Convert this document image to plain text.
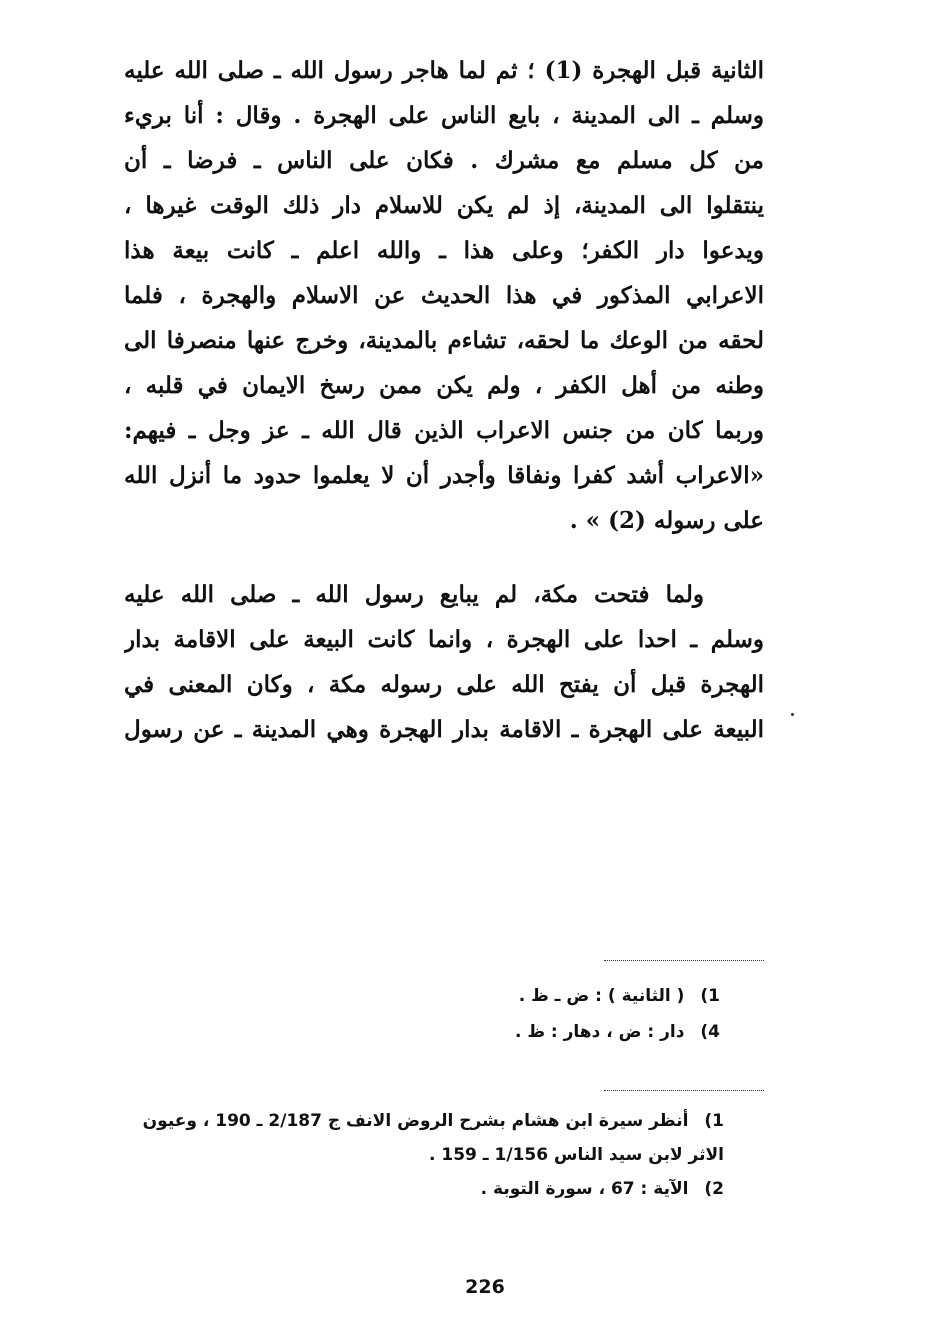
الثانية قبل الهجرة (1) ؛ ثم لما هاجر رسول الله ـ صلى الله عليه
وسلم ـ الى المدينة ، بايع الناس على الهجرة . وقال : أنا بريء
من كل مسلم مع مشرك . فكان على الناس ـ فرضا ـ أن
ينتقلوا الى المدينة، إذ لم يكن للاسلام دار ذلك الوقت غيرها ،
ويدعوا دار الكفر؛ وعلى هذا ـ والله اعلم ـ كانت بيعة هذا
الاعرابي المذكور في هذا الحديث عن الاسلام والهجرة ، فلما
لحقه من الوعك ما لحقه، تشاءم بالمدينة، وخرج عنها منصرفا الى
وطنه من أهل الكفر ، ولم يكن ممن رسخ الايمان في قلبه ،
وربما كان من جنس الاعراب الذين قال الله ـ عز وجل ـ فيهم:
«الاعراب أشد كفرا ونفاقا وأجدر أن لا يعلموا حدود ما أنزل الله
على رسوله (2) » .
ولما فتحت مكة، لم يبايع رسول الله ـ صلى الله عليه
وسلم ـ احدا على الهجرة ، وانما كانت البيعة على الاقامة بدار
الهجرة قبل أن يفتح الله على رسوله مكة ، وكان المعنى في
البيعة على الهجرة ـ الاقامة بدار الهجرة وهي المدينة ـ عن رسول
1) ( الثانية ) : ض ـ ظ .
4) دار : ض ، دهار : ظ .
1) أنظر سيرة ابن هشام بشرح الروض الانف ج 2/187 ـ 190 ، وعيون
الاثر لابن سيد الناس 1/156 ـ 159 .
2) الآية : 67 ، سورة التوبة .
226
